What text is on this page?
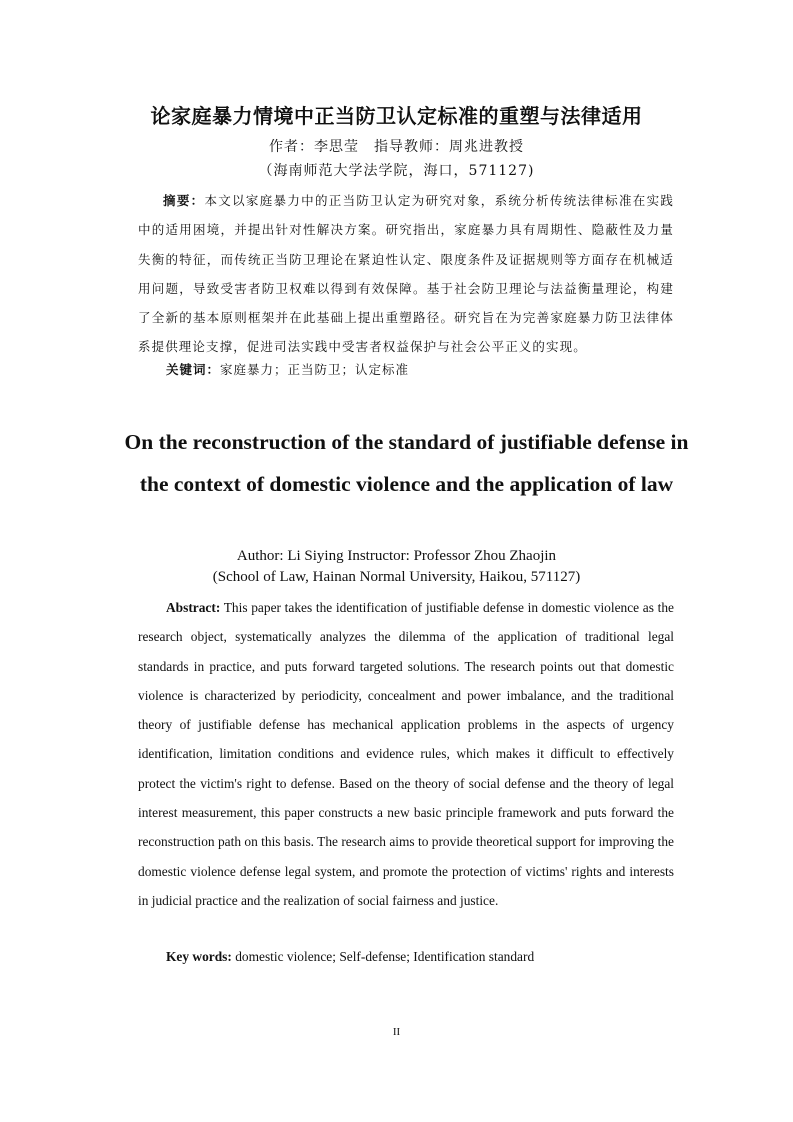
论家庭暴力情境中正当防卫认定标准的重塑与法律适用
作者：李思莹　指导教师：周兆进教授
（海南师范大学法学院，海口，571127)

摘要：本文以家庭暴力中的正当防卫认定为研究对象，系统分析传统法律标准在实践中的适用困境，并提出针对性解决方案。研究指出，家庭暴力具有周期性、隐蔽性及力量失衡的特征，而传统正当防卫理论在紧迫性认定、限度条件及证据规则等方面存在机械适用问题，导致受害者防卫权难以得到有效保障。基于社会防卫理论与法益衡量理论，构建了全新的基本原则框架并在此基础上提出重塑路径。研究旨在为完善家庭暴力防卫法律体系提供理论支撑，促进司法实践中受害者权益保护与社会公平正义的实现。

关键词：家庭暴力；正当防卫；认定标准

On the reconstruction of the standard of justifiable defense in the context of domestic violence and the application of law

Author: Li Siying Instructor: Professor Zhou Zhaojin
(School of Law, Hainan Normal University, Haikou, 571127)

Abstract: This paper takes the identification of justifiable defense in domestic violence as the research object, systematically analyzes the dilemma of the application of traditional legal standards in practice, and puts forward targeted solutions. The research points out that domestic violence is characterized by periodicity, concealment and power imbalance, and the traditional theory of justifiable defense has mechanical application problems in the aspects of urgency identification, limitation conditions and evidence rules, which makes it difficult to effectively protect the victim's right to defense. Based on the theory of social defense and the theory of legal interest measurement, this paper constructs a new basic principle framework and puts forward the reconstruction path on this basis. The research aims to provide theoretical support for improving the domestic violence defense legal system, and promote the protection of victims' rights and interests in judicial practice and the realization of social fairness and justice.

Key words: domestic violence; Self-defense; Identification standard
II
